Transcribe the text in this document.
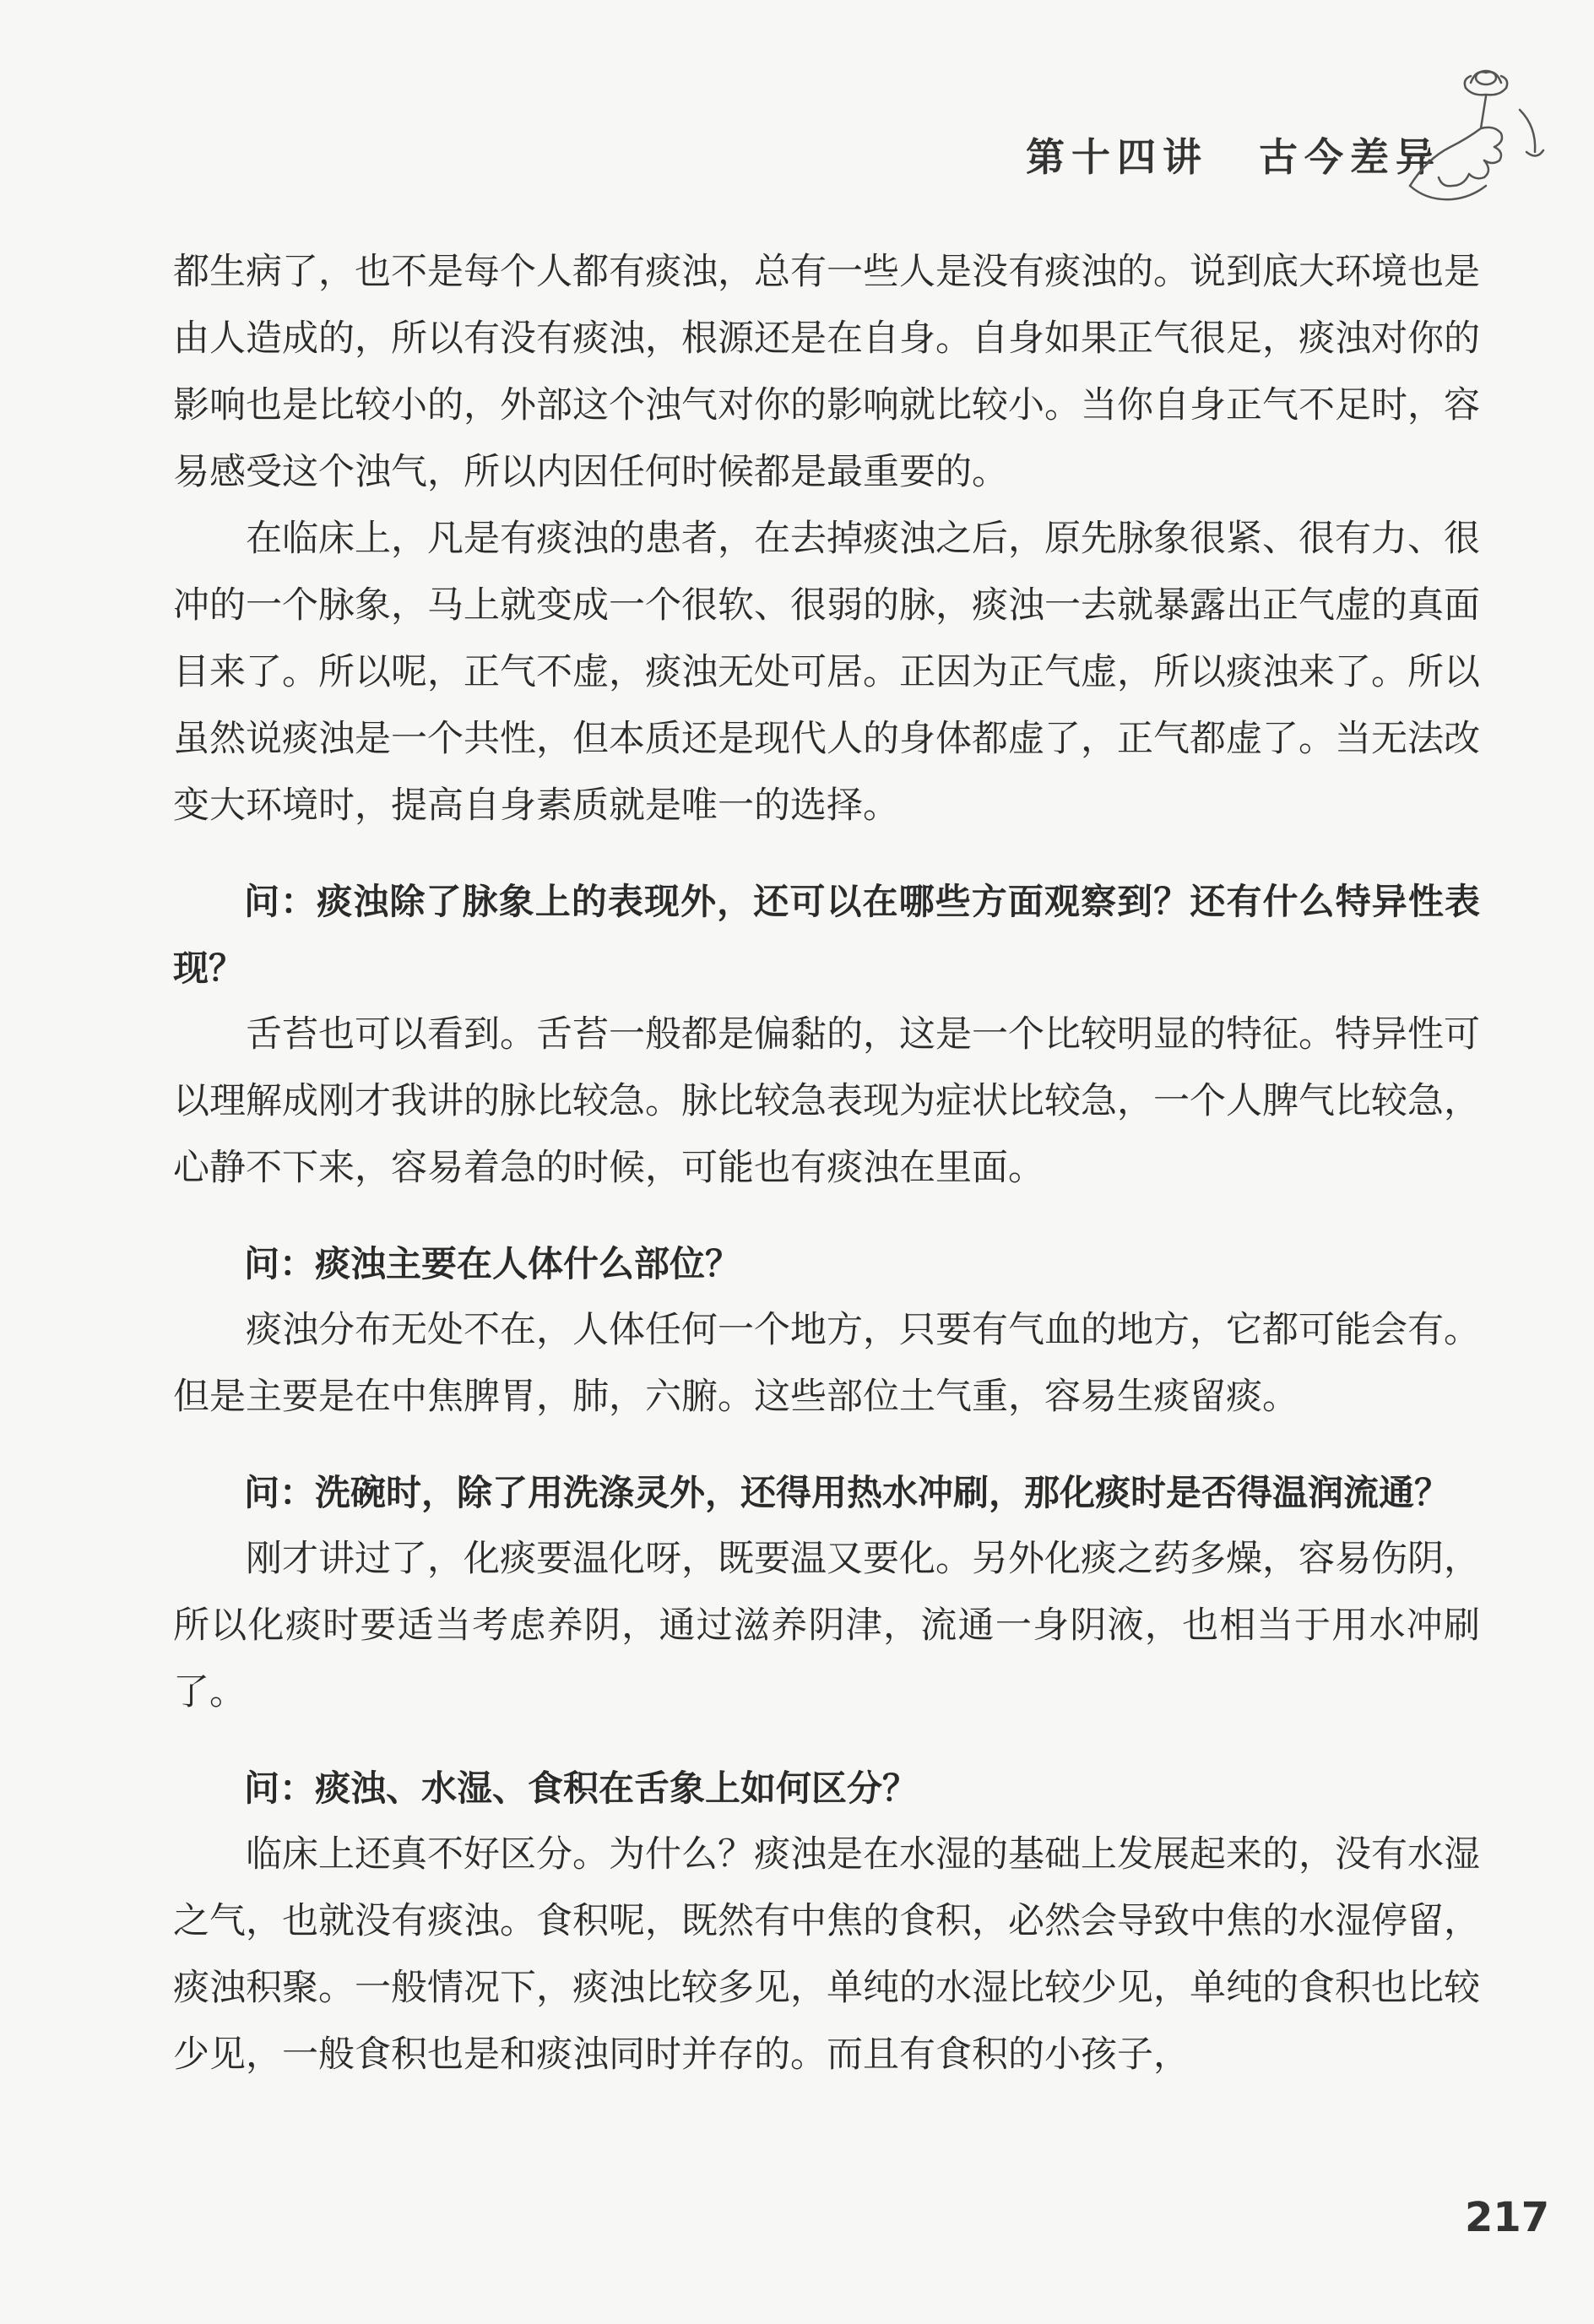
第十四讲 古今差异

都生病了，也不是每个人都有痰浊，总有一些人是没有痰浊的。说到底大环境也是由人造成的，所以有没有痰浊，根源还是在自身。自身如果正气很足，痰浊对你的影响也是比较小的，外部这个浊气对你的影响就比较小。当你自身正气不足时，容易感受这个浊气，所以内因任何时候都是最重要的。

在临床上，凡是有痰浊的患者，在去掉痰浊之后，原先脉象很紧、很有力、很冲的一个脉象，马上就变成一个很软、很弱的脉，痰浊一去就暴露出正气虚的真面目来了。所以呢，正气不虚，痰浊无处可居。正因为正气虚，所以痰浊来了。所以虽然说痰浊是一个共性，但本质还是现代人的身体都虚了，正气都虚了。当无法改变大环境时，提高自身素质就是唯一的选择。

问：痰浊除了脉象上的表现外，还可以在哪些方面观察到？还有什么特异性表现？

舌苔也可以看到。舌苔一般都是偏黏的，这是一个比较明显的特征。特异性可以理解成刚才我讲的脉比较急。脉比较急表现为症状比较急，一个人脾气比较急，心静不下来，容易着急的时候，可能也有痰浊在里面。

问：痰浊主要在人体什么部位？

痰浊分布无处不在，人体任何一个地方，只要有气血的地方，它都可能会有。但是主要是在中焦脾胃，肺，六腑。这些部位土气重，容易生痰留痰。

问：洗碗时，除了用洗涤灵外，还得用热水冲刷，那化痰时是否得温润流通？

刚才讲过了，化痰要温化呀，既要温又要化。另外化痰之药多燥，容易伤阴，所以化痰时要适当考虑养阴，通过滋养阴津，流通一身阴液，也相当于用水冲刷了。

问：痰浊、水湿、食积在舌象上如何区分？

临床上还真不好区分。为什么？痰浊是在水湿的基础上发展起来的，没有水湿之气，也就没有痰浊。食积呢，既然有中焦的食积，必然会导致中焦的水湿停留，痰浊积聚。一般情况下，痰浊比较多见，单纯的水湿比较少见，单纯的食积也比较少见，一般食积也是和痰浊同时并存的。而且有食积的小孩子，

217
